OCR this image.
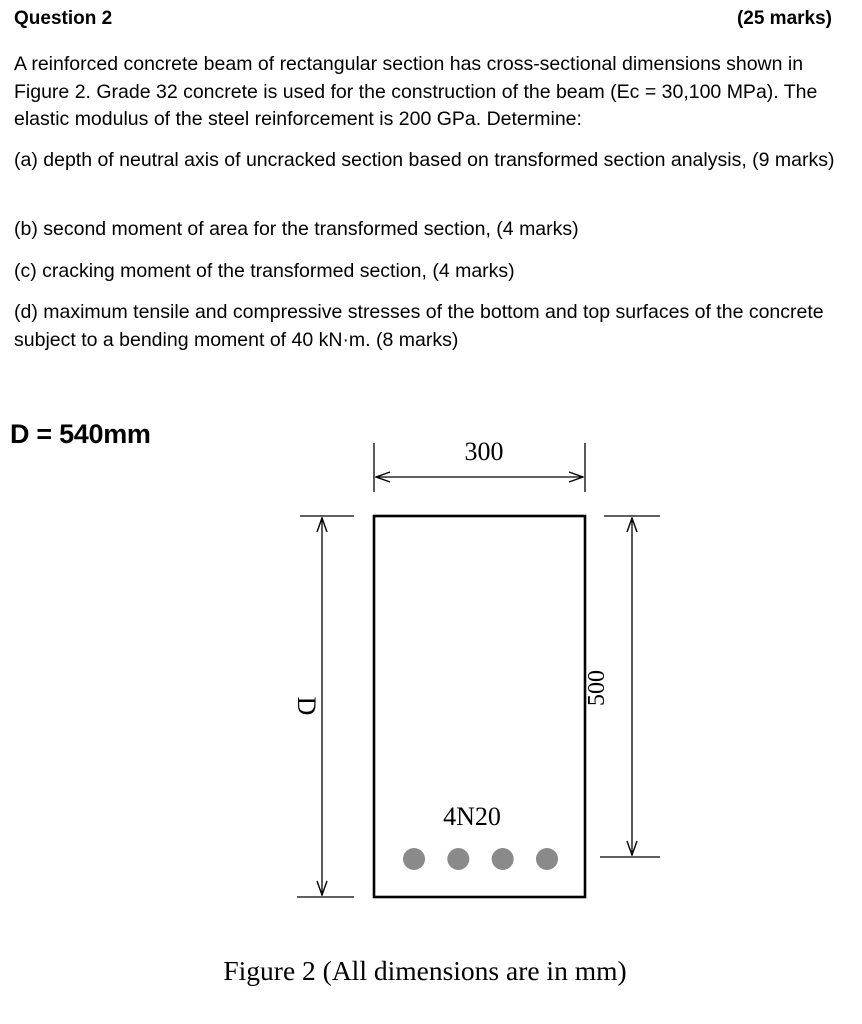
Question 2	(25 marks)

A reinforced concrete beam of rectangular section has cross-sectional dimensions shown in Figure 2. Grade 32 concrete is used for the construction of the beam (Ec = 30,100 MPa). The elastic modulus of the steel reinforcement is 200 GPa. Determine:

(a) depth of neutral axis of uncracked section based on transformed section analysis, (9 marks)

(b) second moment of area for the transformed section, (4 marks)

(c) cracking moment of the transformed section, (4 marks)

(d) maximum tensile and compressive stresses of the bottom and top surfaces of the concrete subject to a bending moment of 40 kN·m. (8 marks)

D = 540mm
300
D	500
4N20
Figure 2 (All dimensions are in mm)
